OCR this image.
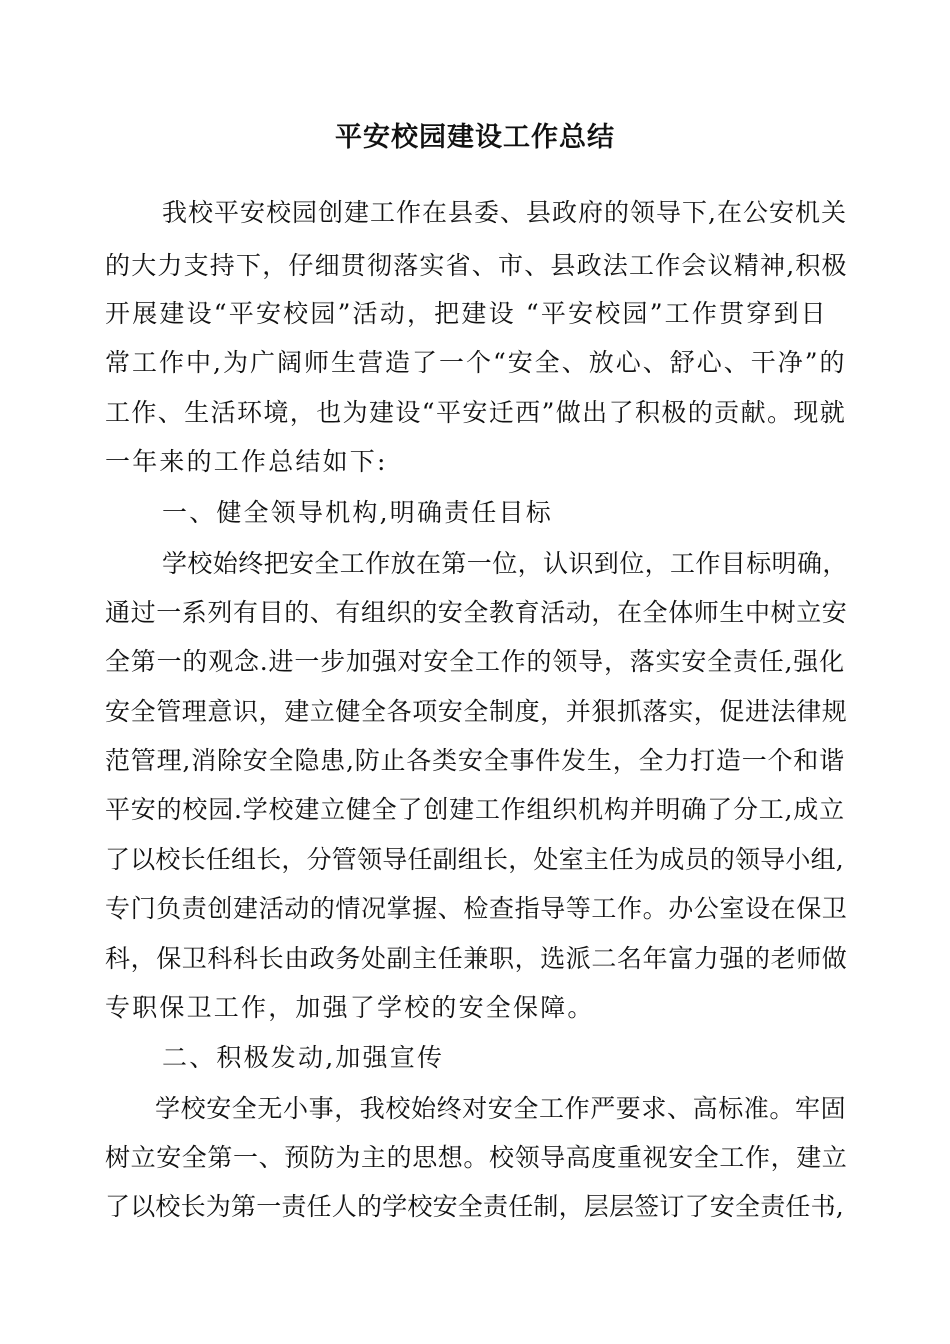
平安校园建设工作总结
我校平安校园创建工作在县委、县政府的领导下,在公安机关
的大力支持下，仔细贯彻落实省、市、县政法工作会议精神,积极
开展建设“平安校园”活动，把建设 “平安校园”工作贯穿到日
常工作中,为广阔师生营造了一个“安全、放心、舒心、干净”的
工作、生活环境，也为建设“平安迁西”做出了积极的贡献。现就
一年来的工作总结如下:
一、健全领导机构,明确责任目标
学校始终把安全工作放在第一位，认识到位，工作目标明确，
通过一系列有目的、有组织的安全教育活动，在全体师生中树立安
全第一的观念.进一步加强对安全工作的领导，落实安全责任,强化
安全管理意识，建立健全各项安全制度，并狠抓落实，促进法律规
范管理,消除安全隐患,防止各类安全事件发生，全力打造一个和谐
平安的校园.学校建立健全了创建工作组织机构并明确了分工,成立
了以校长任组长，分管领导任副组长，处室主任为成员的领导小组,
专门负责创建活动的情况掌握、检查指导等工作。办公室设在保卫
科，保卫科科长由政务处副主任兼职，选派二名年富力强的老师做
专职保卫工作，加强了学校的安全保障。
二、积极发动,加强宣传
学校安全无小事，我校始终对安全工作严要求、高标准。牢固
树立安全第一、预防为主的思想。校领导高度重视安全工作，建立
了以校长为第一责任人的学校安全责任制，层层签订了安全责任书,
